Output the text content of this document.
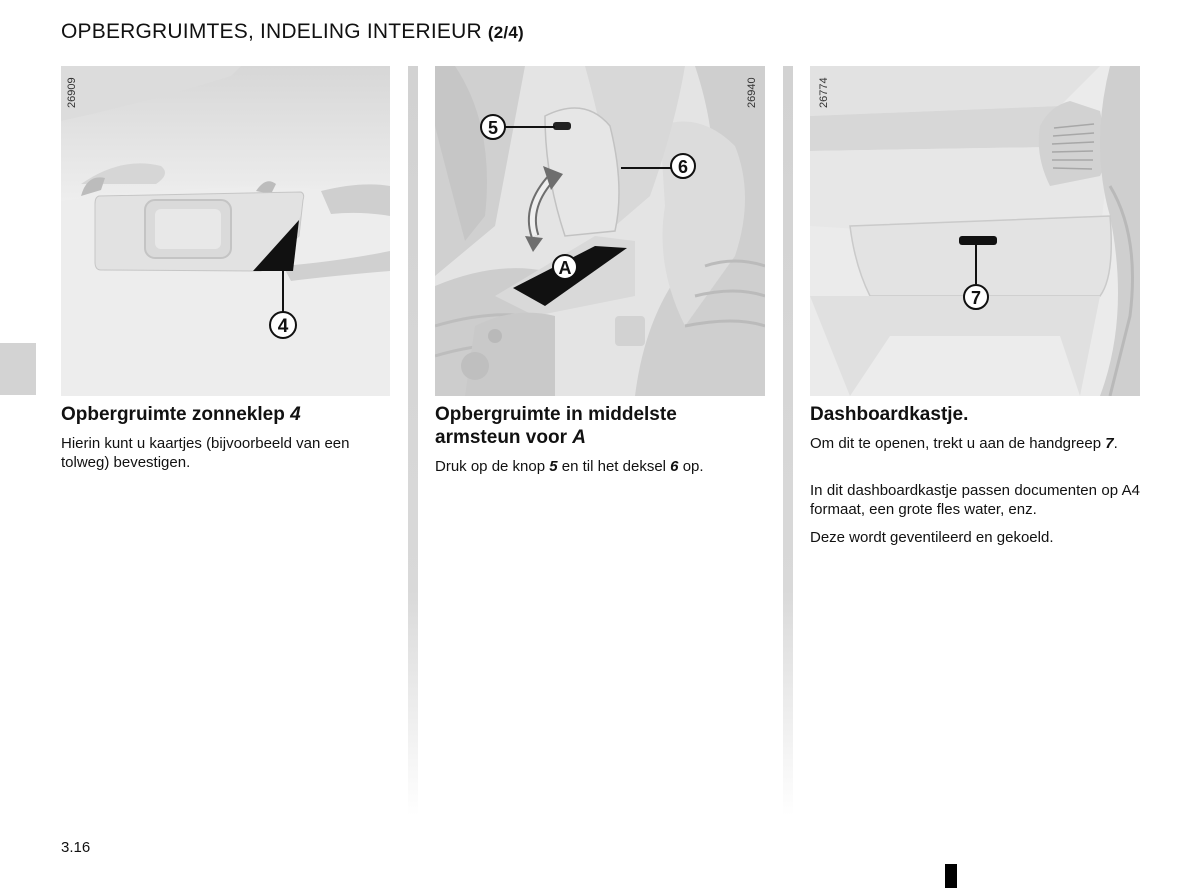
OPBERGRUIMTES, INDELING INTERIEUR (2/4)
4
26909
5
6
A
26940
7
26774
Opbergruimte zonneklep 4

Hierin kunt u kaartjes (bijvoorbeeld van een tolweg) bevestigen.

Opbergruimte in middelste armsteun voor A

Druk op de knop 5 en til het deksel 6 op.

Dashboardkastje.

Om dit te openen, trekt u aan de handgreep 7.

In dit dashboardkastje passen documenten op A4 formaat, een grote fles water, enz.

Deze wordt geventileerd en gekoeld.

3.16
